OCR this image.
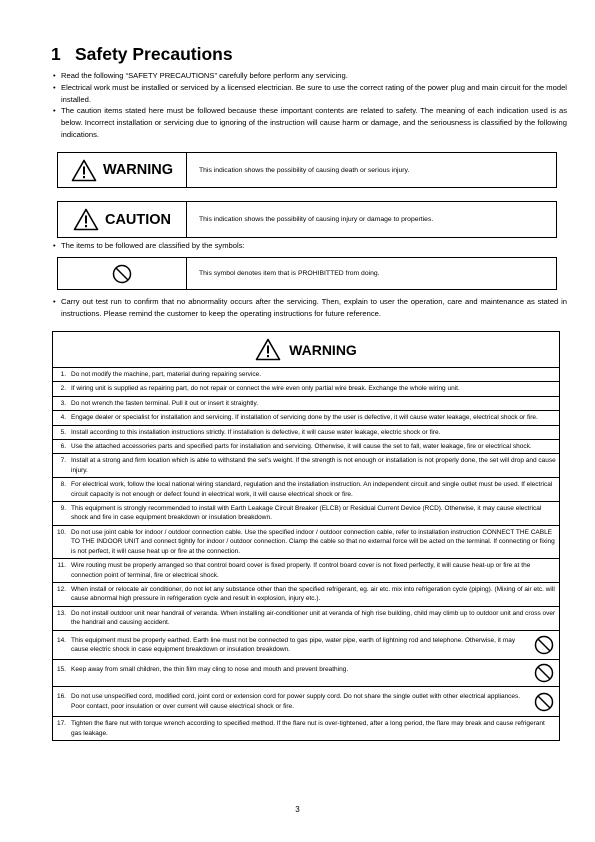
1 Safety Precautions
• Read the following “SAFETY PRECAUTIONS” carefully before perform any servicing.
• Electrical work must be installed or serviced by a licensed electrician. Be sure to use the correct rating of the power plug and main circuit for the model installed.
• The caution items stated here must be followed because these important contents are related to safety. The meaning of each indication used is as below. Incorrect installation or servicing due to ignoring of the instruction will cause harm or damage, and the seriousness is classified by the following indications.
WARNING	This indication shows the possibility of causing death or serious injury.
CAUTION	This indication shows the possibility of causing injury or damage to properties.
• The items to be followed are classified by the symbols:
This symbol denotes item that is PROHIBITTED from doing.
• Carry out test run to confirm that no abnormality occurs after the servicing. Then, explain to user the operation, care and maintenance as stated in instructions. Please remind the customer to keep the operating instructions for future reference.
WARNING
1. Do not modify the machine, part, material during repairing service.
2. If wiring unit is supplied as repairing part, do not repair or connect the wire even only partial wire break. Exchange the whole wiring unit.
3. Do not wrench the fasten terminal. Pull it out or insert it straightly.
4. Engage dealer or specialist for installation and servicing. If installation of servicing done by the user is defective, it will cause water leakage, electrical shock or fire.
5. Install according to this installation instructions strictly. If installation is defective, it will cause water leakage, electric shock or fire.
6. Use the attached accessories parts and specified parts for installation and servicing. Otherwise, it will cause the set to fall, water leakage, fire or electrical shock.
7. Install at a strong and firm location which is able to withstand the set’s weight. If the strength is not enough or installation is not properly done, the set will drop and cause injury.
8. For electrical work, follow the local national wiring standard, regulation and the installation instruction. An independent circuit and single outlet must be used. If electrical circuit capacity is not enough or defect found in electrical work, it will cause electrical shock or fire.
9. This equipment is strongly recommended to install with Earth Leakage Circuit Breaker (ELCB) or Residual Current Device (RCD). Otherwise, it may cause electrical shock and fire in case equipment breakdown or insulation breakdown.
10. Do not use joint cable for indoor / outdoor connection cable. Use the specified indoor / outdoor connection cable, refer to installation instruction CONNECT THE CABLE TO THE INDOOR UNIT and connect tightly for indoor / outdoor connection. Clamp the cable so that no external force will be acted on the terminal. If connecting or fixing is not perfect, it will cause heat up or fire at the connection.
11. Wire routing must be properly arranged so that control board cover is fixed properly. If control board cover is not fixed perfectly, it will cause heat-up or fire at the connection point of terminal, fire or electrical shock.
12. When install or relocate air conditioner, do not let any substance other than the specified refrigerant, eg. air etc. mix into refrigeration cycle (piping). (Mixing of air etc. will cause abnormal high pressure in refrigeration cycle and result in explosion, injury etc.).
13. Do not install outdoor unit near handrail of veranda. When installing air-conditioner unit at veranda of high rise building, child may climb up to outdoor unit and cross over the handrail and causing accident.
14. This equipment must be properly earthed. Earth line must not be connected to gas pipe, water pipe, earth of lightning rod and telephone. Otherwise, it may cause electric shock in case equipment breakdown or insulation breakdown.
15. Keep away from small children, the thin film may cling to nose and mouth and prevent breathing.
16. Do not use unspecified cord, modified cord, joint cord or extension cord for power supply cord. Do not share the single outlet with other electrical appliances. Poor contact, poor insulation or over current will cause electrical shock or fire.
17. Tighten the flare nut with torque wrench according to specified method. If the flare nut is over-tightened, after a long period, the flare may break and cause refrigerant gas leakage.
3
